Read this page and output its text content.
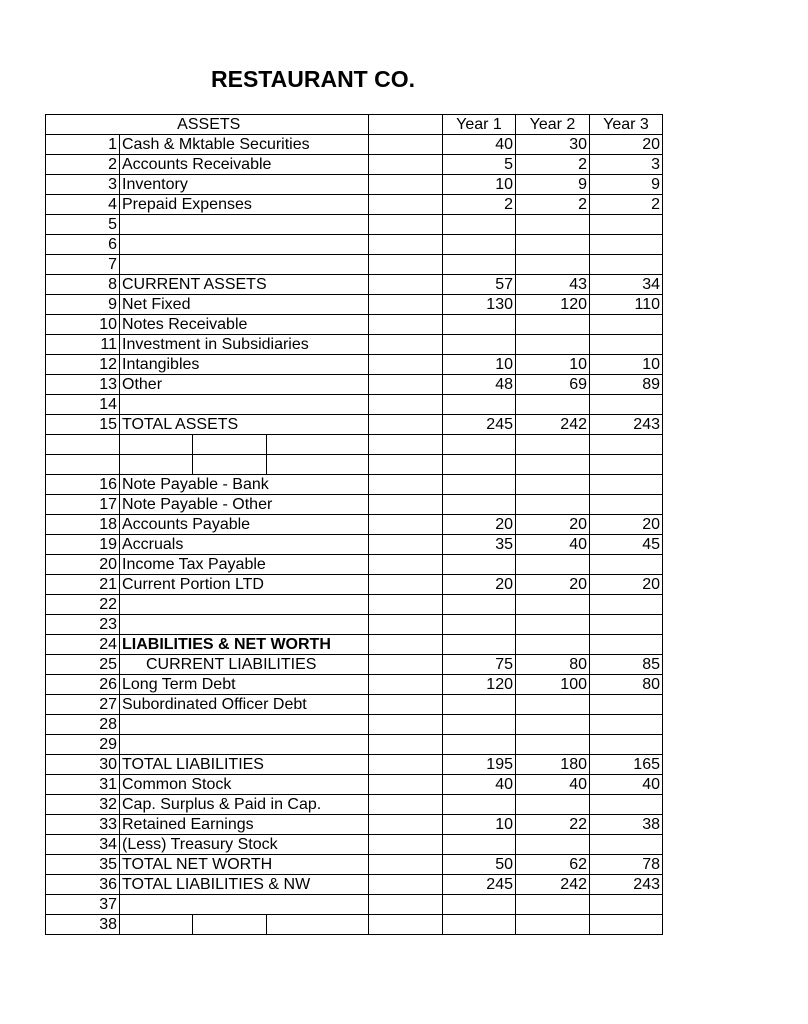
RESTAURANT CO.
	ASSETS				Year 1	Year 2	Year 3
1	Cash & Mktable Securities				40	30	20
2	Accounts Receivable				5	2	3
3	Inventory				10	9	9
4	Prepaid Expenses				2	2	2
5							
6							
7							
8	CURRENT ASSETS				57	43	34
9	Net Fixed				130	120	110
10	Notes Receivable						
11	Investment in Subsidiaries						
12	Intangibles				10	10	10
13	Other				48	69	89
14							
15	TOTAL ASSETS				245	242	243

16	Note Payable - Bank						
17	Note Payable - Other						
18	Accounts Payable				20	20	20
19	Accruals				35	40	45
20	Income Tax Payable						
21	Current Portion LTD				20	20	20
22							
23							
24	LIABILITIES & NET WORTH						
25	CURRENT LIABILITIES				75	80	85
26	Long Term Debt				120	100	80
27	Subordinated Officer Debt						
28							
29							
30	TOTAL LIABILITIES				195	180	165
31	Common Stock				40	40	40
32	Cap. Surplus & Paid in Cap.						
33	Retained Earnings				10	22	38
34	(Less) Treasury Stock						
35	TOTAL NET WORTH				50	62	78
36	TOTAL LIABILITIES & NW				245	242	243
37							
38							
